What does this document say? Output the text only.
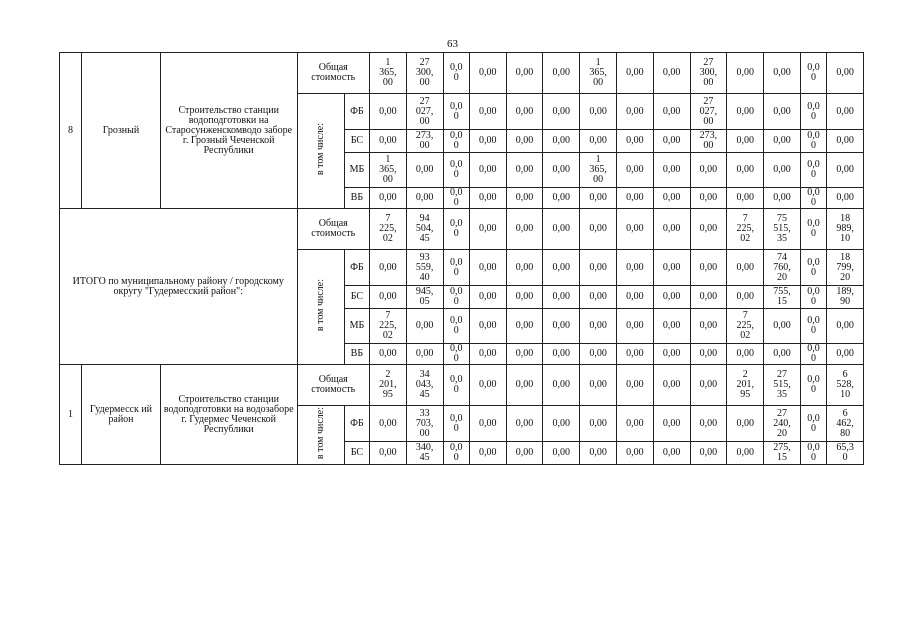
63
8	Грозный	Строительство станции водоподготовки на Старосунженскомводо заборе г. Грозный Чеченской Республики	Общая стоимость		1
365,
00	27
300,
00	0,0
0	0,00	0,00	0,00	1
365,
00	0,00	0,00	27
300,
00	0,00	0,00	0,0
0	0,00
			в том числе:	ФБ	0,00	27
027,
00	0,0
0	0,00	0,00	0,00	0,00	0,00	0,00	27
027,
00	0,00	0,00	0,0
0	0,00
				БС	0,00	273,
00	0,0
0	0,00	0,00	0,00	0,00	0,00	0,00	273,
00	0,00	0,00	0,0
0	0,00
				МБ	1
365,
00	0,00	0,0
0	0,00	0,00	0,00	1
365,
00	0,00	0,00	0,00	0,00	0,00	0,0
0	0,00
				ВБ	0,00	0,00	0,0
0	0,00	0,00	0,00	0,00	0,00	0,00	0,00	0,00	0,00	0,0
0	0,00
ИТОГО по муниципальному району / городскому округу "Гудермесский район":			Общая стоимость		7
225,
02	94
504,
45	0,0
0	0,00	0,00	0,00	0,00	0,00	0,00	0,00	7
225,
02	75
515,
35	0,0
0	18
989,
10
			в том числе:	ФБ	0,00	93
559,
40	0,0
0	0,00	0,00	0,00	0,00	0,00	0,00	0,00	0,00	74
760,
20	0,0
0	18
799,
20
				БС	0,00	945,
05	0,0
0	0,00	0,00	0,00	0,00	0,00	0,00	0,00	0,00	755,
15	0,0
0	189,
90
				МБ	7
225,
02	0,00	0,0
0	0,00	0,00	0,00	0,00	0,00	0,00	0,00	7
225,
02	0,00	0,0
0	0,00
				ВБ	0,00	0,00	0,0
0	0,00	0,00	0,00	0,00	0,00	0,00	0,00	0,00	0,00	0,0
0	0,00
1	Гудермесск ий район	Строительство станции водоподготовки на водозаборе г. Гудермес Чеченской Республики	Общая стоимость		2
201,
95	34
043,
45	0,0
0	0,00	0,00	0,00	0,00	0,00	0,00	0,00	2
201,
95	27
515,
35	0,0
0	6
528,
10
			в том числе:	ФБ	0,00	33
703,
00	0,0
0	0,00	0,00	0,00	0,00	0,00	0,00	0,00	0,00	27
240,
20	0,0
0	6
462,
80
				БС	0,00	340,
45	0,0
0	0,00	0,00	0,00	0,00	0,00	0,00	0,00	0,00	275,
15	0,0
0	65,3
0
